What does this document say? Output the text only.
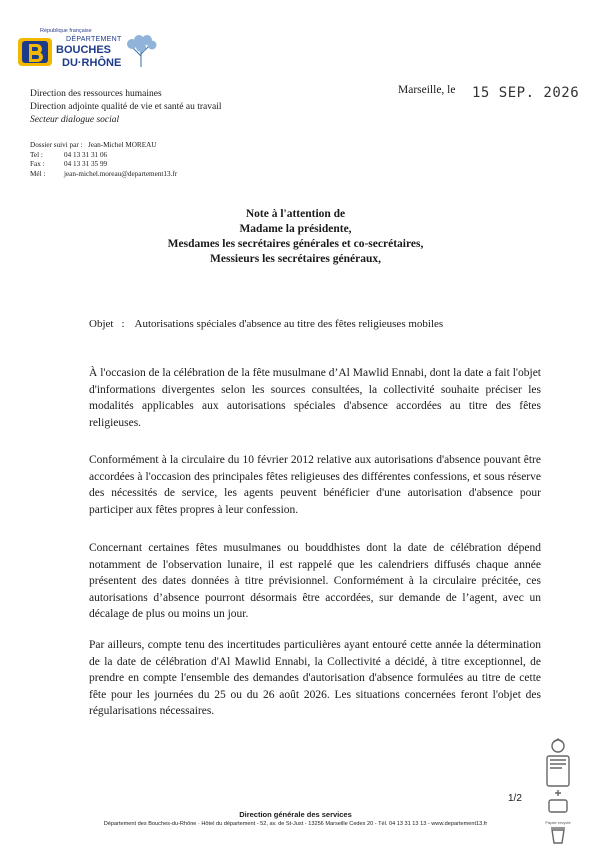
République française
DÉPARTEMENT
BOUCHES
DU·RHÔNE
Direction des ressources humaines
Direction adjointe qualité de vie et santé au travail
Secteur dialogue social
Marseille, le 15 SEP. 2026
Dossier suivi par : Jean-Michel MOREAU
Tel :	04 13 31 31 06
Fax :	04 13 31 35 99
Mél :	jean-michel.moreau@departement13.fr
Note à l'attention de
Madame la présidente,
Mesdames les secrétaires générales et co-secrétaires,
Messieurs les secrétaires généraux,
Objet : Autorisations spéciales d'absence au titre des fêtes religieuses mobiles

À l'occasion de la célébration de la fête musulmane d’Al Mawlid Ennabi, dont la date a fait l'objet d'informations divergentes selon les sources consultées, la collectivité souhaite préciser les modalités applicables aux autorisations spéciales d'absence accordées au titre des fêtes religieuses.

Conformément à la circulaire du 10 février 2012 relative aux autorisations d'absence pouvant être accordées à l'occasion des principales fêtes religieuses des différentes confessions, et sous réserve des nécessités de service, les agents peuvent bénéficier d'une autorisation d'absence pour participer aux fêtes propres à leur confession.

Concernant certaines fêtes musulmanes ou bouddhistes dont la date de célébration dépend notamment de l'observation lunaire, il est rappelé que les calendriers diffusés chaque année présentent des dates données à titre prévisionnel. Conformément à la circulaire précitée, ces autorisations d’absence pourront désormais être accordées, sur demande de l’agent, avec un décalage de plus ou moins un jour.

Par ailleurs, compte tenu des incertitudes particulières ayant entouré cette année la détermination de la date de célébration d'Al Mawlid Ennabi, la Collectivité a décidé, à titre exceptionnel, de prendre en compte l'ensemble des demandes d'autorisation d'absence formulées au titre de cette fête pour les journées du 25 ou du 26 août 2026. Les situations concernées feront l'objet des régularisations nécessaires.

1/2
Direction générale des services
Département des Bouches-du-Rhône · Hôtel du département - 52, av. de St-Just - 13256 Marseille Cedex 20 - Tél. 04 13 31 13 13 - www.departement13.fr	Papier recyclé
